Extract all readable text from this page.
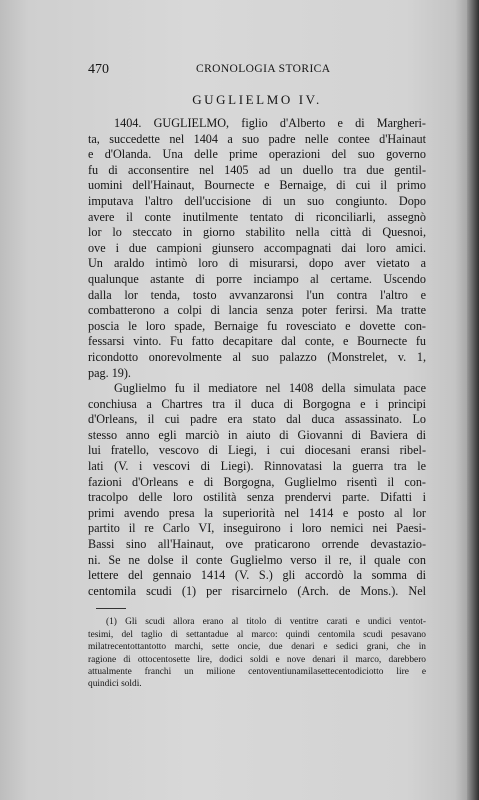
470	CRONOLOGIA STORICA
GUGLIELMO IV.
1404. GUGLIELMO, figlio d'Alberto e di Margheri-
ta, succedette nel 1404 a suo padre nelle contee d'Hainaut
e d'Olanda. Una delle prime operazioni del suo governo
fu di acconsentire nel 1405 ad un duello tra due gentil-
uomini dell'Hainaut, Bournecte e Bernaige, di cui il primo
imputava l'altro dell'uccisione di un suo congiunto. Dopo
avere il conte inutilmente tentato di riconciliarli, assegnò
lor lo steccato in giorno stabilito nella città di Quesnoi,
ove i due campioni giunsero accompagnati dai loro amici.
Un araldo intimò loro di misurarsi, dopo aver vietato a
qualunque astante di porre inciampo al certame. Uscendo
dalla lor tenda, tosto avvanzaronsi l'un contra l'altro e
combatterono a colpi di lancia senza poter ferirsi. Ma tratte
poscia le loro spade, Bernaige fu rovesciato e dovette con-
fessarsi vinto. Fu fatto decapitare dal conte, e Bournecte fu
ricondotto onorevolmente al suo palazzo (Monstrelet, v. 1,
pag. 19).
Guglielmo fu il mediatore nel 1408 della simulata pace
conchiusa a Chartres tra il duca di Borgogna e i principi
d'Orleans, il cui padre era stato dal duca assassinato. Lo
stesso anno egli marciò in aiuto di Giovanni di Baviera di
lui fratello, vescovo di Liegi, i cui diocesani eransi ribel-
lati (V. i vescovi di Liegi). Rinnovatasi la guerra tra le
fazioni d'Orleans e di Borgogna, Guglielmo risentì il con-
tracolpo delle loro ostilità senza prendervi parte. Difatti i
primi avendo presa la superiorità nel 1414 e posto al lor
partito il re Carlo VI, inseguirono i loro nemici nei Paesi-
Bassi sino all'Hainaut, ove praticarono orrende devastazio-
ni. Se ne dolse il conte Guglielmo verso il re, il quale con
lettere del gennaio 1414 (V. S.) gli accordò la somma di
centomila scudi (1) per risarcirnelo (Arch. de Mons.). Nel
(1) Gli scudi allora erano al titolo di ventitre carati e undici ventot-
tesimi, del taglio di settantadue al marco: quindi centomila scudi pesavano
milatrecentottantotto marchi, sette oncie, due denari e sedici grani, che in
ragione di ottocentosette lire, dodici soldi e nove denari il marco, darebbero
attualmente franchi un milione centoventiunamilasettecentodiciotto lire e
quindici soldi.
